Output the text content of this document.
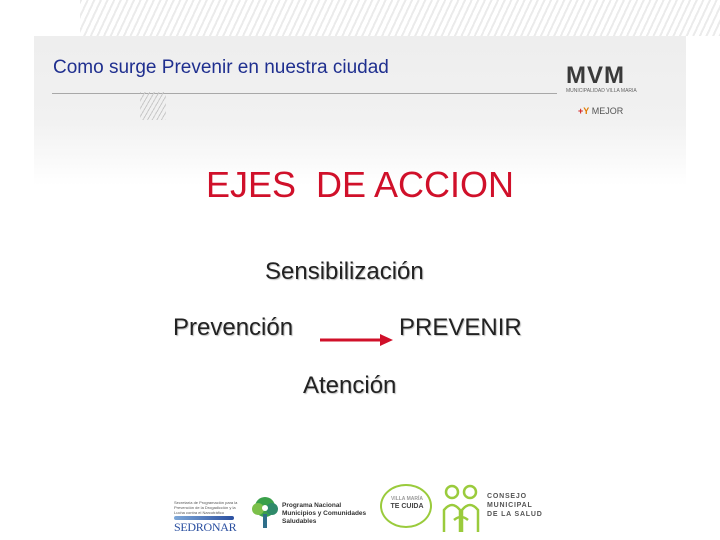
Como surge Prevenir en nuestra ciudad	MVM
MUNICIPALIDAD VILLA MARIA
+Y MEJOR
EJES  DE ACCION
Sensibilización
Prevención	PREVENIR
Atención
Secretaría de Programación para la Prevención de la Drogadicción y la Lucha contra el Narcotráfico
SEDRONAR
Programa Nacional
Municipios y Comunidades
Saludables
VILLA MARÍA
TE CUIDA
CONSEJO
MUNICIPAL
DE LA SALUD
